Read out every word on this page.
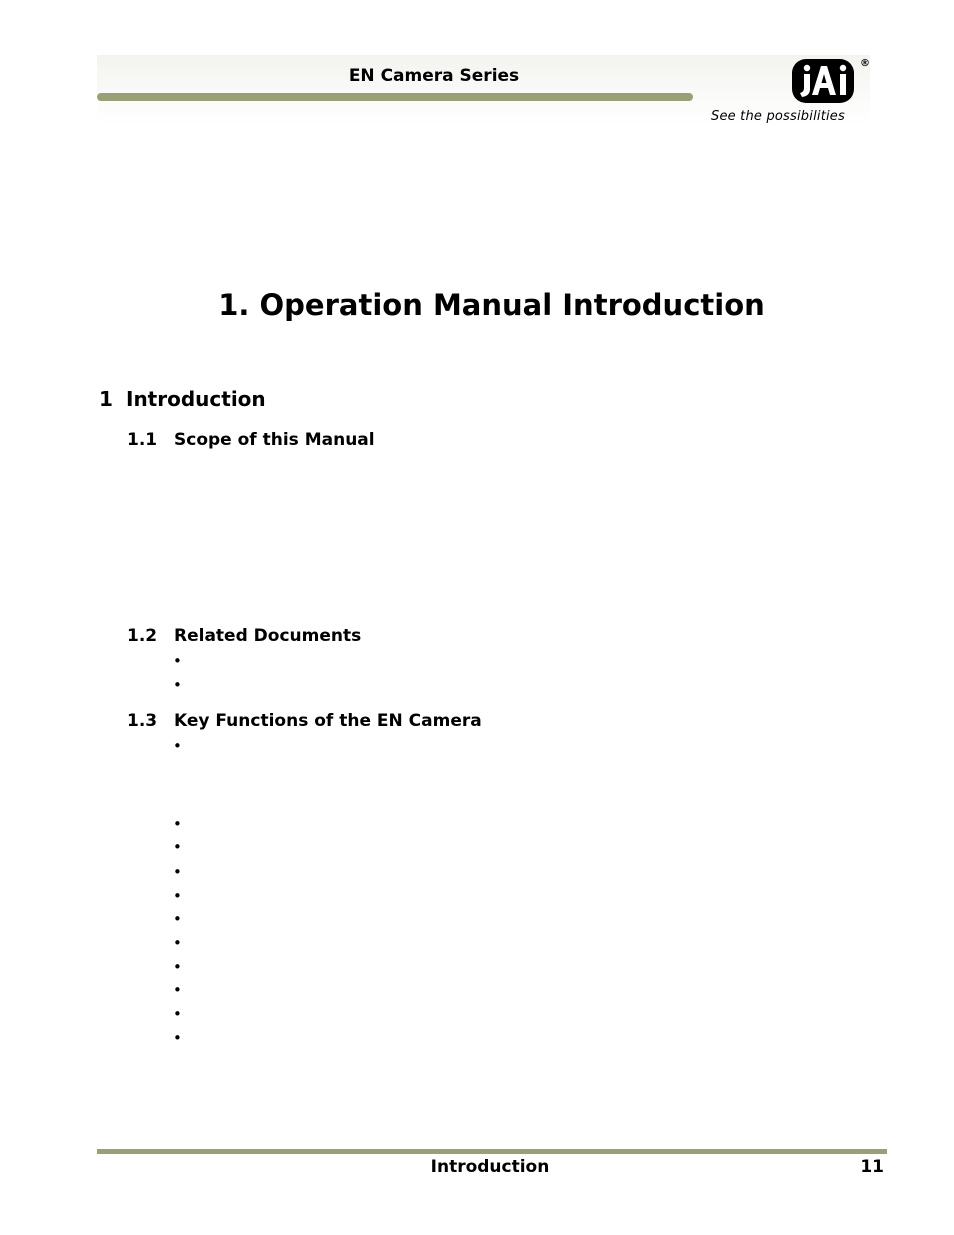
EN Camera Series
®
See the possibilities
1. Operation Manual Introduction
1 Introduction
1.1 Scope of this Manual
1.2 Related Documents
•
•
1.3 Key Functions of the EN Camera
•
•
•
•
•
•
•
•
•
•
•
Introduction	11
